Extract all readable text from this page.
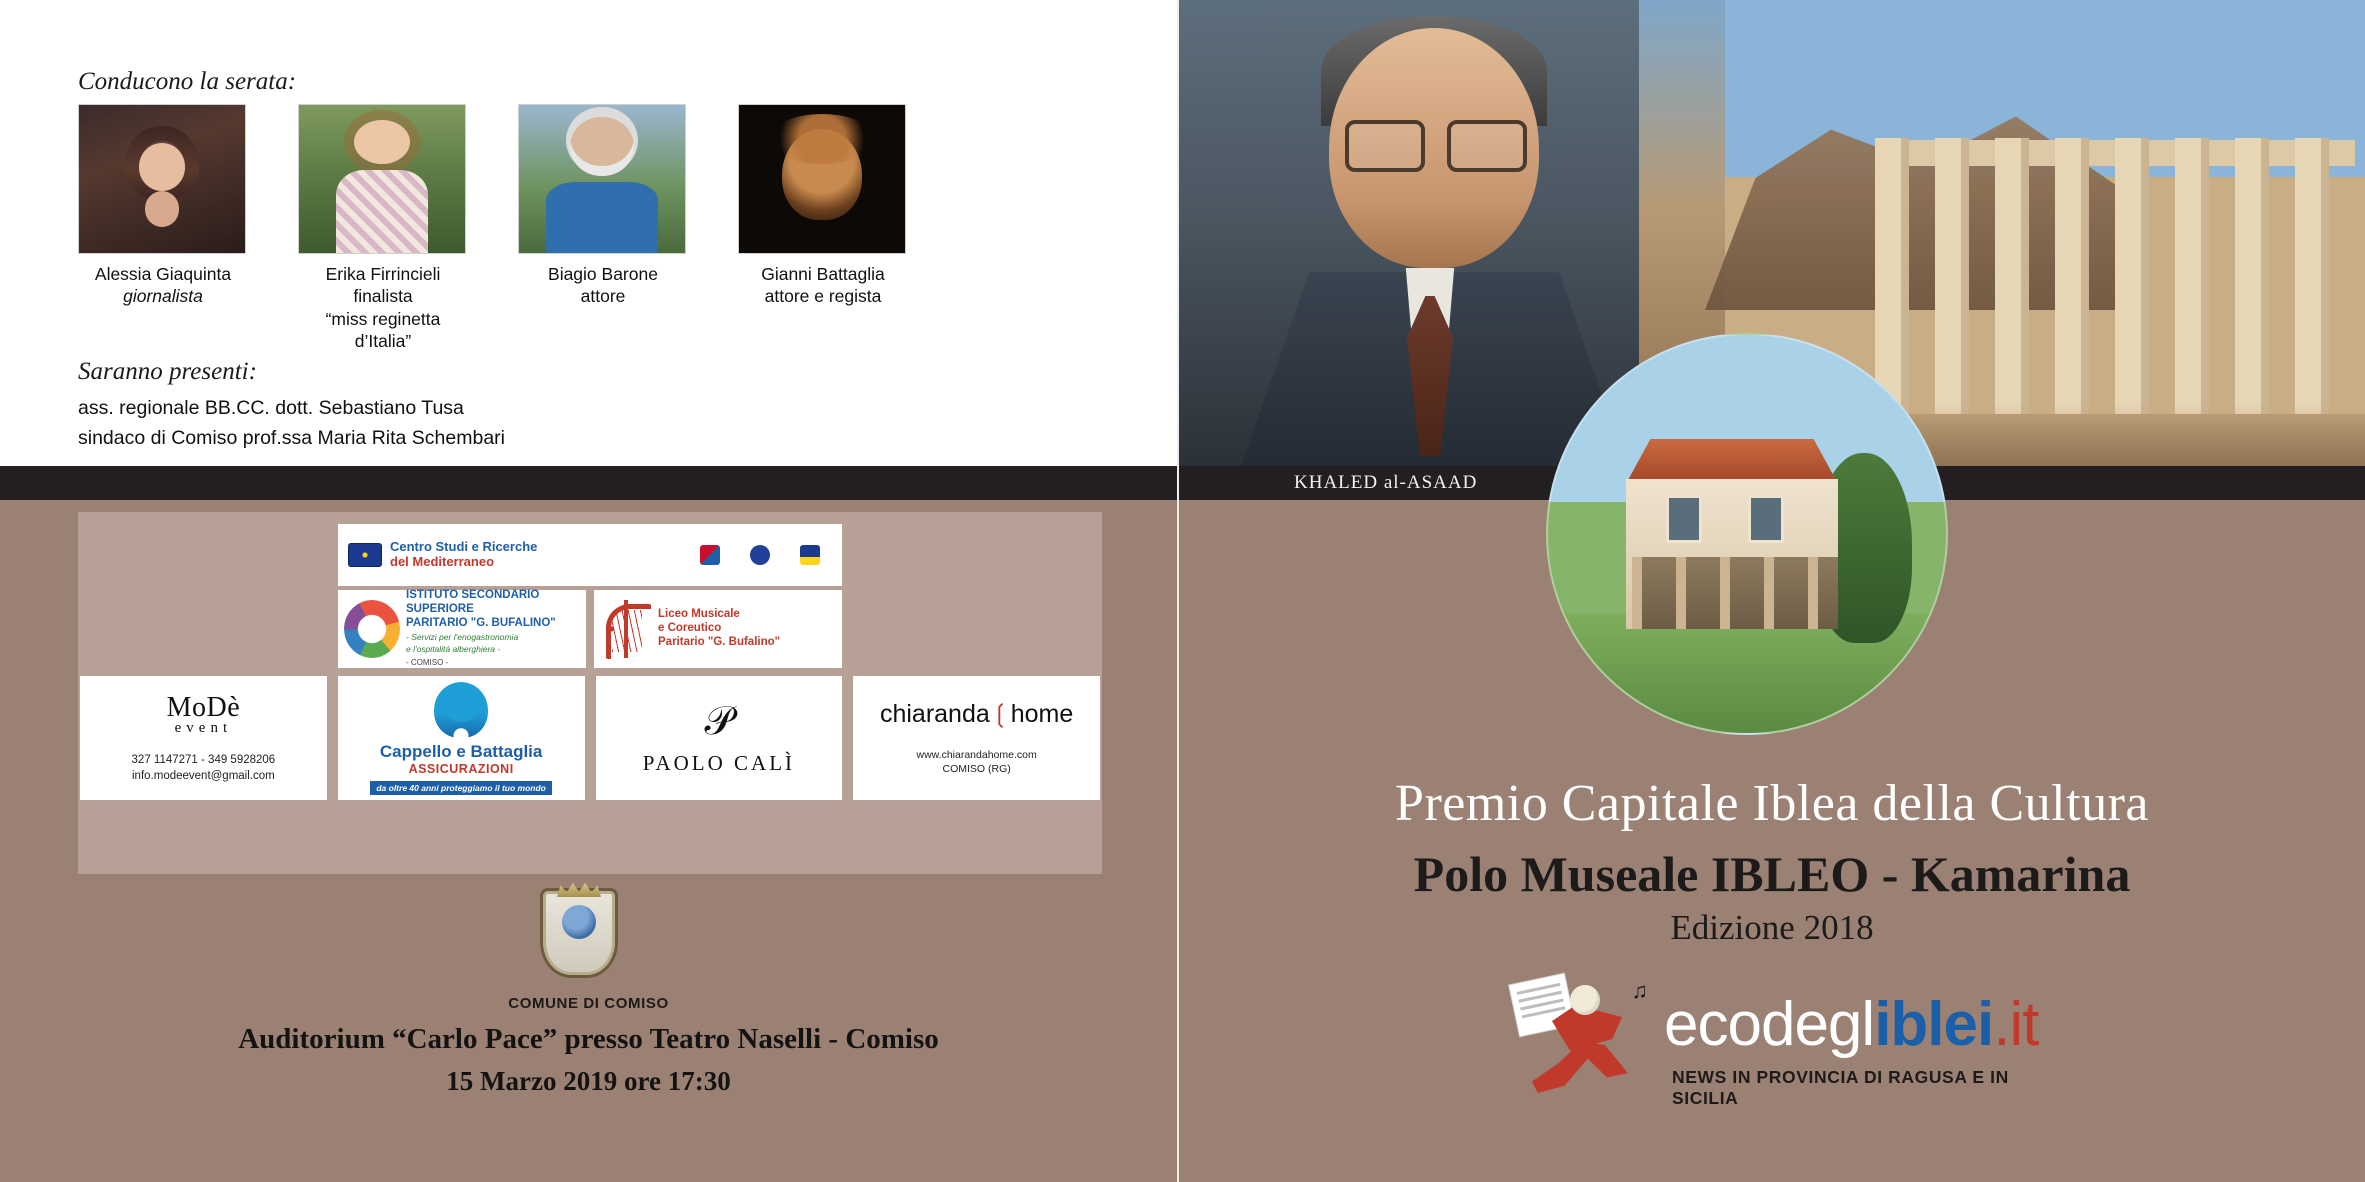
Conducono la serata:
Alessia Giaquinta
giornalista
Erika Firrincieli
finalista
“miss reginetta d’Italia”
Biagio Barone
attore
Gianni Battaglia
attore e regista
Saranno presenti:
ass. regionale BB.CC. dott. Sebastiano Tusa
sindaco di Comiso prof.ssa Maria Rita Schembari
Centro Studi e Ricerche
del Mediterraneo
ISTITUTO SECONDARIO SUPERIORE
PARITARIO "G. BUFALINO"
- Servizi per l'enogastronomia
e l'ospitalità alberghiera -
- COMISO -
Liceo Musicale
e Coreutico
Paritario "G. Bufalino"
MoDè
event
327 1147271 - 349 5928206
info.modeevent@gmail.com
Cappello e Battaglia
ASSICURAZIONI
da oltre 40 anni proteggiamo il tuo mondo
𝒫
PAOLO CALÌ
chiaranda❲home
www.chiarandahome.com
COMISO (RG)
COMUNE DI COMISO
Auditorium “Carlo Pace” presso Teatro Naselli - Comiso
15 Marzo 2019 ore 17:30
KHALED al-ASAAD
Premio Capitale Iblea della Cultura
Polo Museale IBLEO - Kamarina
Edizione 2018
♫ ecodegliblei.it
NEWS IN PROVINCIA DI RAGUSA E IN SICILIA
